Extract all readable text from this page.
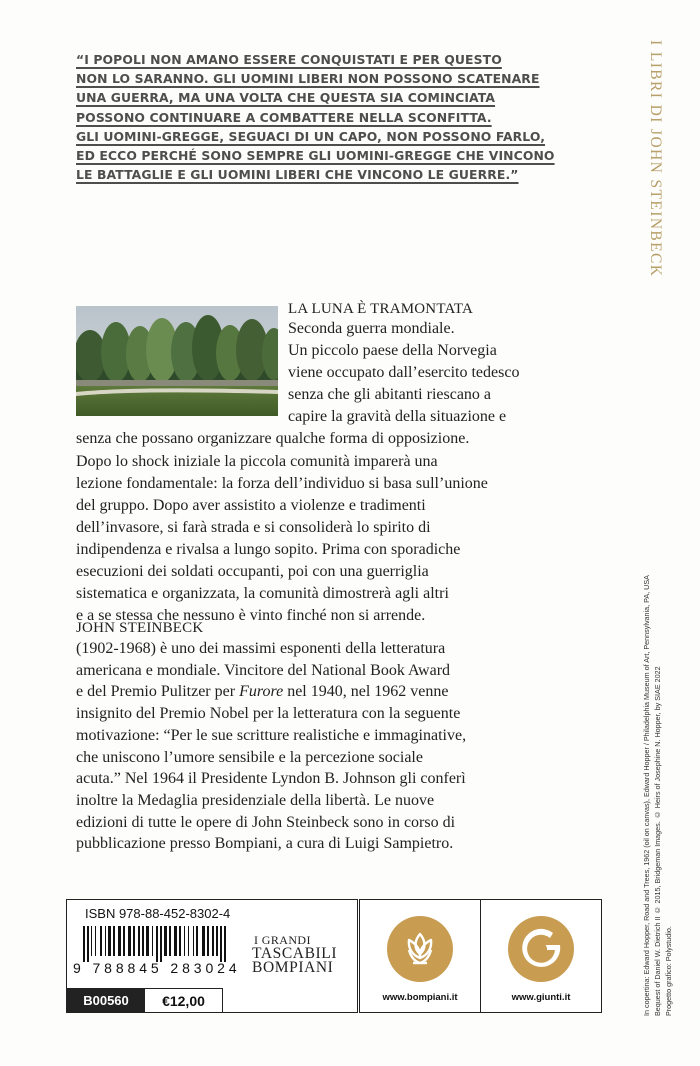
“I POPOLI NON AMANO ESSERE CONQUISTATI E PER QUESTO
NON LO SARANNO. GLI UOMINI LIBERI NON POSSONO SCATENARE
UNA GUERRA, MA UNA VOLTA CHE QUESTA SIA COMINCIATA
POSSONO CONTINUARE A COMBATTERE NELLA SCONFITTA.
GLI UOMINI-GREGGE, SEGUACI DI UN CAPO, NON POSSONO FARLO,
ED ECCO PERCHÉ SONO SEMPRE GLI UOMINI-GREGGE CHE VINCONO
LE BATTAGLIE E GLI UOMINI LIBERI CHE VINCONO LE GUERRE.”	I LIBRI DI JOHN STEINBECK
LA LUNA È TRAMONTATA
Seconda guerra mondiale.
Un piccolo paese della Norvegia
viene occupato dall’esercito tedesco
senza che gli abitanti riescano a
capire la gravità della situazione e
senza che possano organizzare qualche forma di opposizione.
Dopo lo shock iniziale la piccola comunità imparerà una
lezione fondamentale: la forza dell’individuo si basa sull’unione
del gruppo. Dopo aver assistito a violenze e tradimenti
dell’invasore, si farà strada e si consoliderà lo spirito di
indipendenza e rivalsa a lungo sopito. Prima con sporadiche
esecuzioni dei soldati occupanti, poi con una guerriglia
sistematica e organizzata, la comunità dimostrerà agli altri
e a se stessa che nessuno è vinto finché non si arrende.
JOHN STEINBECK
(1902-1968) è uno dei massimi esponenti della letteratura
americana e mondiale. Vincitore del National Book Award
e del Premio Pulitzer per Furore nel 1940, nel 1962 venne
insignito del Premio Nobel per la letteratura con la seguente
motivazione: “Per le sue scritture realistiche e immaginative,
che uniscono l’umore sensibile e la percezione sociale
acuta.” Nel 1964 il Presidente Lyndon B. Johnson gli conferì
inoltre la Medaglia presidenziale della libertà. Le nuove
edizioni di tutte le opere di John Steinbeck sono in corso di
pubblicazione presso Bompiani, a cura di Luigi Sampietro.	In copertina: Edward Hopper, Road and Trees, 1962 (oil on canvas), Edward Hopper / Philadelphia Museum of Art, Pennsylvania, PA, USA Bequest of Daniel W. Dietrich II © 2015, Bridgeman Images. © Heirs of Josephine N. Hopper, by SIAE 2022 Progetto grafico: Polystudio.
ISBN 978-88-452-8302-4
9 788845 283024
B00560	€12,00
I GRANDI
TASCABILI
BOMPIANI
www.bompiani.it	www.giunti.it
